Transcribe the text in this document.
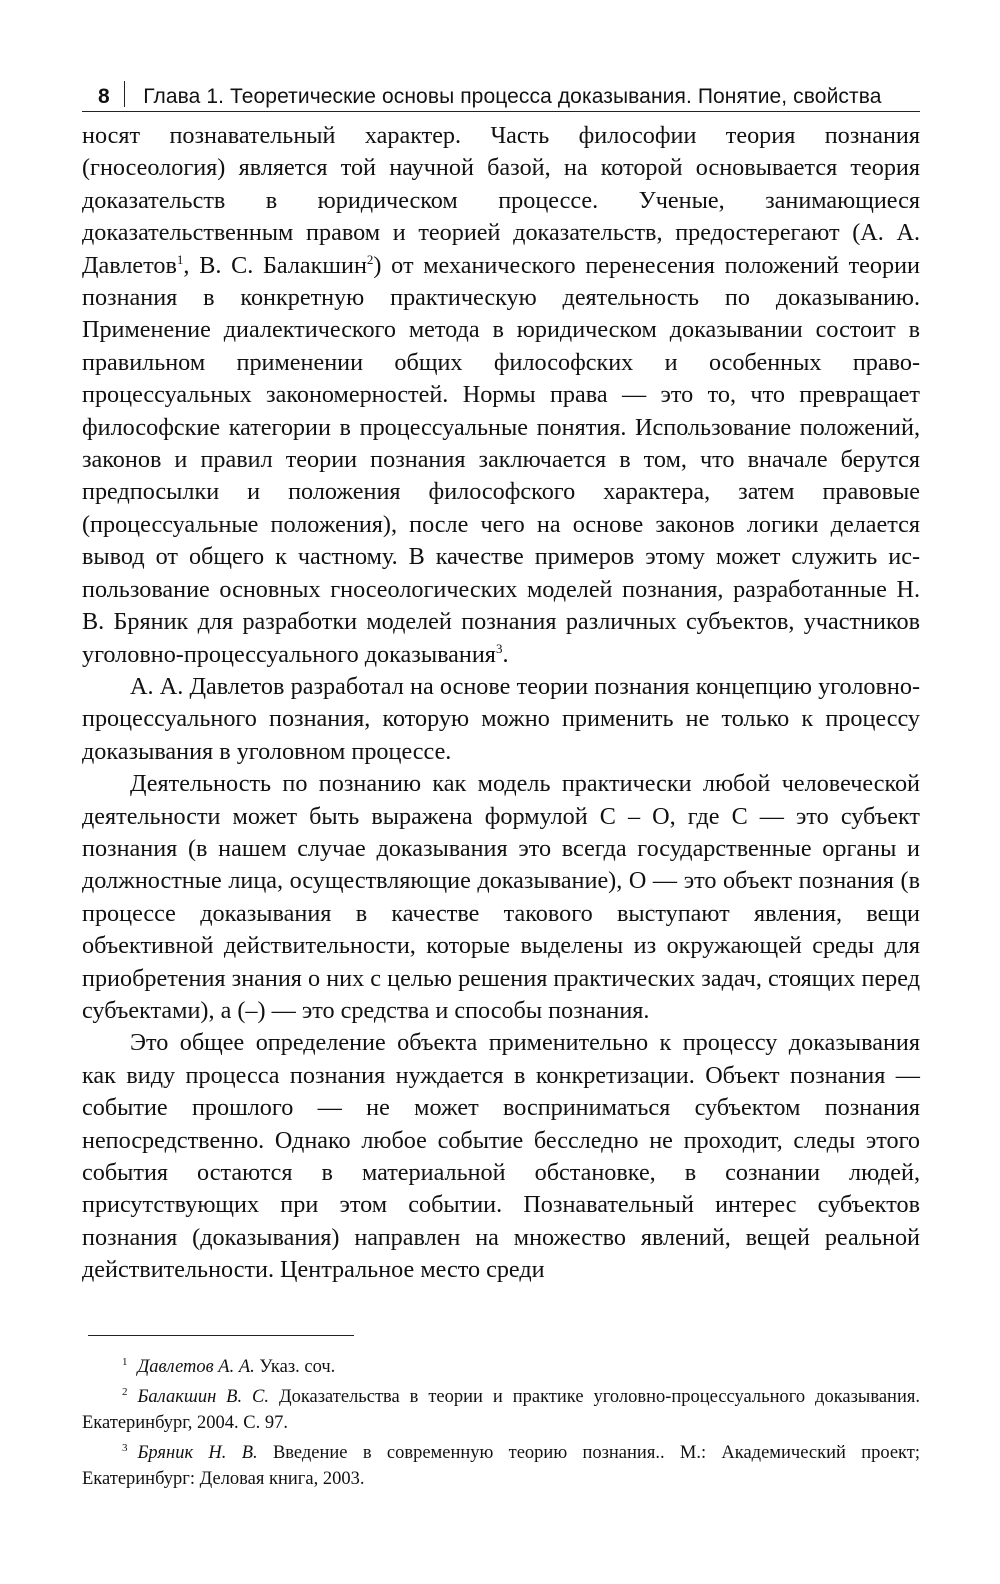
8 Глава 1. Теоретические основы процесса доказывания. Понятие, свойства

носят познавательный характер. Часть философии теория познания (гносеология) является той научной базой, на которой основывается теория доказательств в юридическом процессе. Ученые, занимающиеся доказательственным правом и теорией доказательств, предостерегают (А. А. Давлетов$^1$, В. С. Балакшин$^2$) от механического перенесения положений теории познания в конкретную практическую деятельность по доказыванию. Применение диалектического метода в юридическом доказывании состоит в правильном применении общих философских и особенных право-процессуальных закономерностей. Нормы права — это то, что превращает философские категории в процессуальные понятия. Использование положений, законов и правил теории познания заключается в том, что вначале берутся предпосылки и положения философского характера, затем правовые (процессуальные положения), после чего на основе законов логики делается вывод от общего к частному. В качестве примеров этому может служить использование основных гносеологических моделей познания, разработанные Н. В. Бряник для разработки моделей познания различных субъектов, участников уголовно-процессуального доказывания$^3$.

А. А. Давлетов разработал на основе теории познания концепцию уголовно-процессуального познания, которую можно применить не только к процессу доказывания в уголовном процессе.

Деятельность по познанию как модель практически любой человеческой деятельности может быть выражена формулой С – О, где С — это субъект познания (в нашем случае доказывания это всегда государственные органы и должностные лица, осуществляющие доказывание), О — это объект познания (в процессе доказывания в качестве такового выступают явления, вещи объективной действительности, которые выделены из окружающей среды для приобретения знания о них с целью решения практических задач, стоящих перед субъектами), а (–) — это средства и способы познания.

Это общее определение объекта применительно к процессу доказывания как виду процесса познания нуждается в конкретизации. Объект познания — событие прошлого — не может восприниматься субъектом познания непосредственно. Однако любое событие бесследно не проходит, следы этого события остаются в материальной обстановке, в сознании людей, присутствующих при этом событии. Познавательный интерес субъектов познания (доказывания) направлен на множество явлений, вещей реальной действительности. Центральное место среди

$^1$ Давлетов А. А. Указ. соч.

$^2$ Балакшин В. С. Доказательства в теории и практике уголовно-процессуального доказывания. Екатеринбург, 2004. С. 97.

$^3$ Бряник Н. В. Введение в современную теорию познания.. М.: Академический проект; Екатеринбург: Деловая книга, 2003.
